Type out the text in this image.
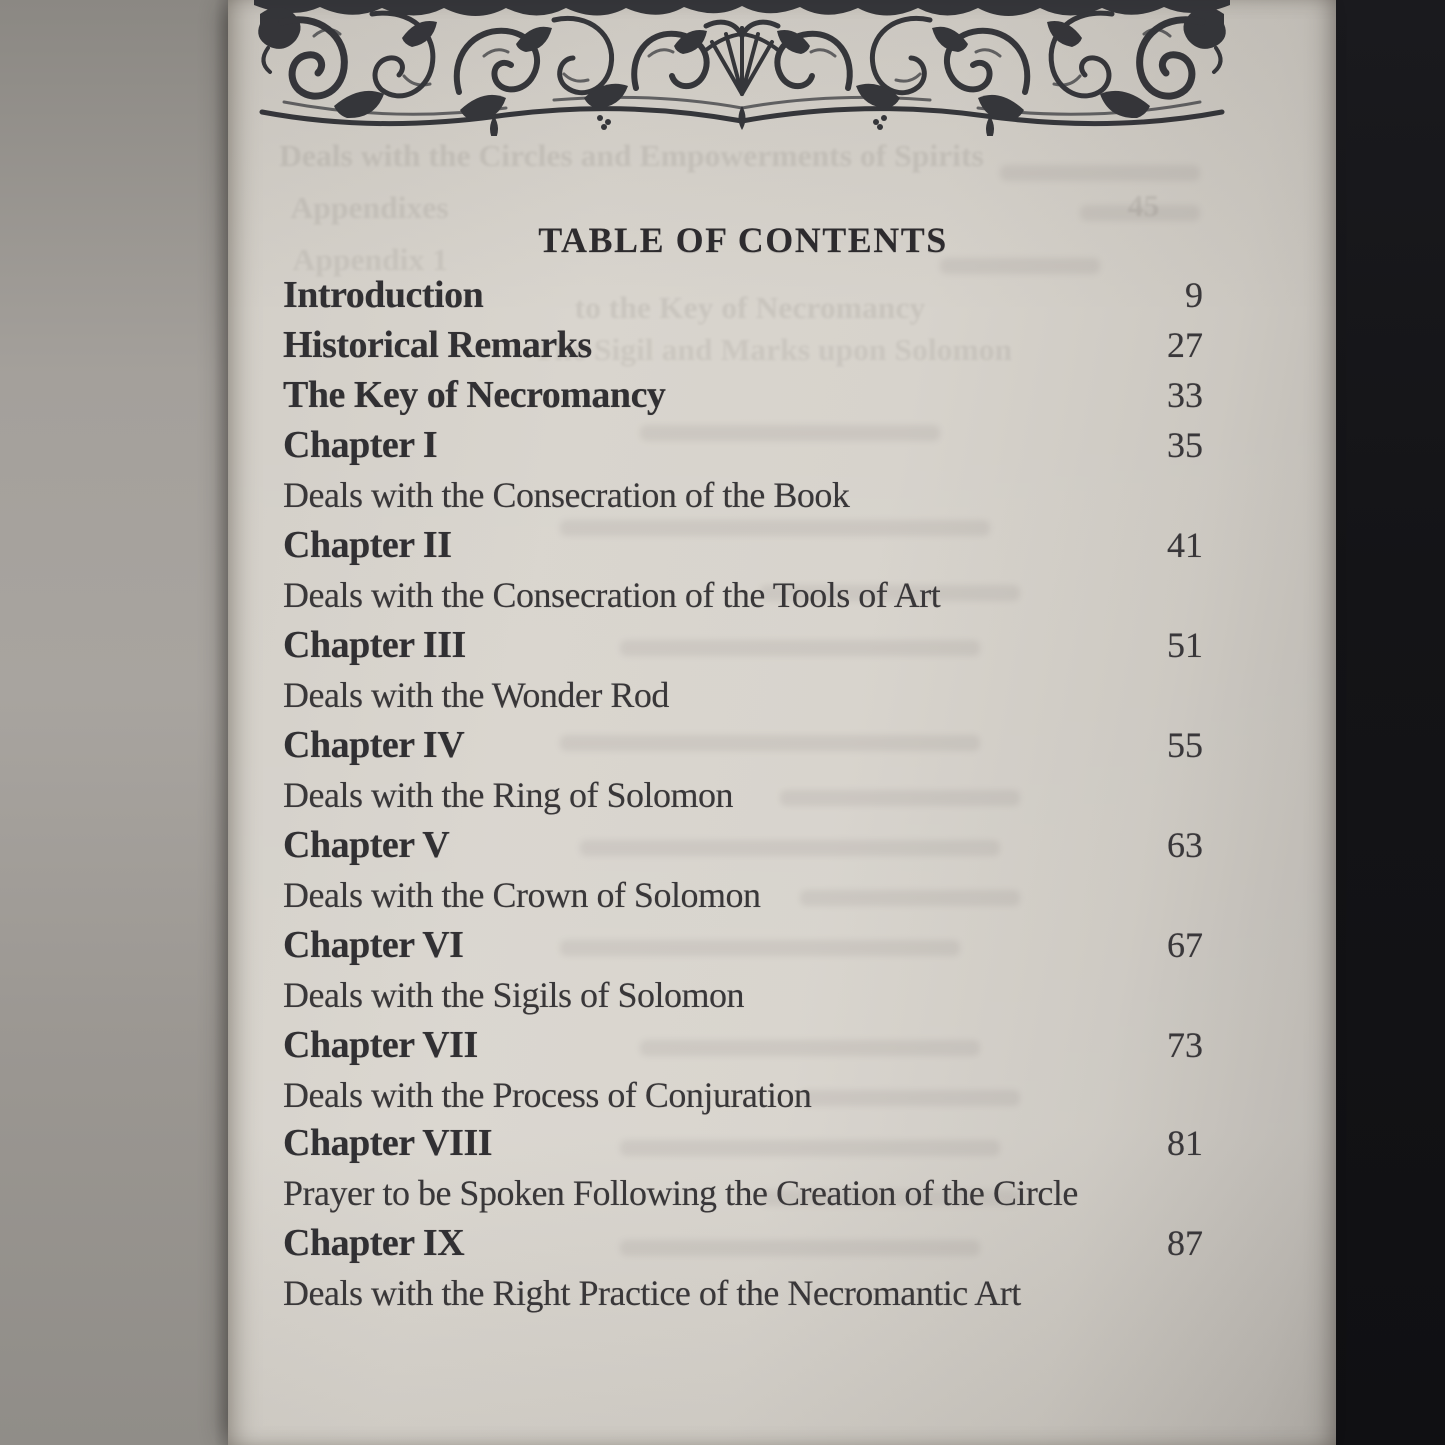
Deals with the Circles and Empowerments of Spirits
Appendixes	45
Appendix 1
to the Key of Necromancy
The Sigil and Marks upon Solomon
TABLE OF CONTENTS
Introduction	9
Historical Remarks	27
The Key of Necromancy	33
Chapter I	35
Deals with the Consecration of the Book
Chapter II	41
Deals with the Consecration of the Tools of Art
Chapter III	51
Deals with the Wonder Rod
Chapter IV	55
Deals with the Ring of Solomon
Chapter V	63
Deals with the Crown of Solomon
Chapter VI	67
Deals with the Sigils of Solomon
Chapter VII	73
Deals with the Process of Conjuration
Chapter VIII	81
Prayer to be Spoken Following the Creation of the Circle
Chapter IX	87
Deals with the Right Practice of the Necromantic Art
